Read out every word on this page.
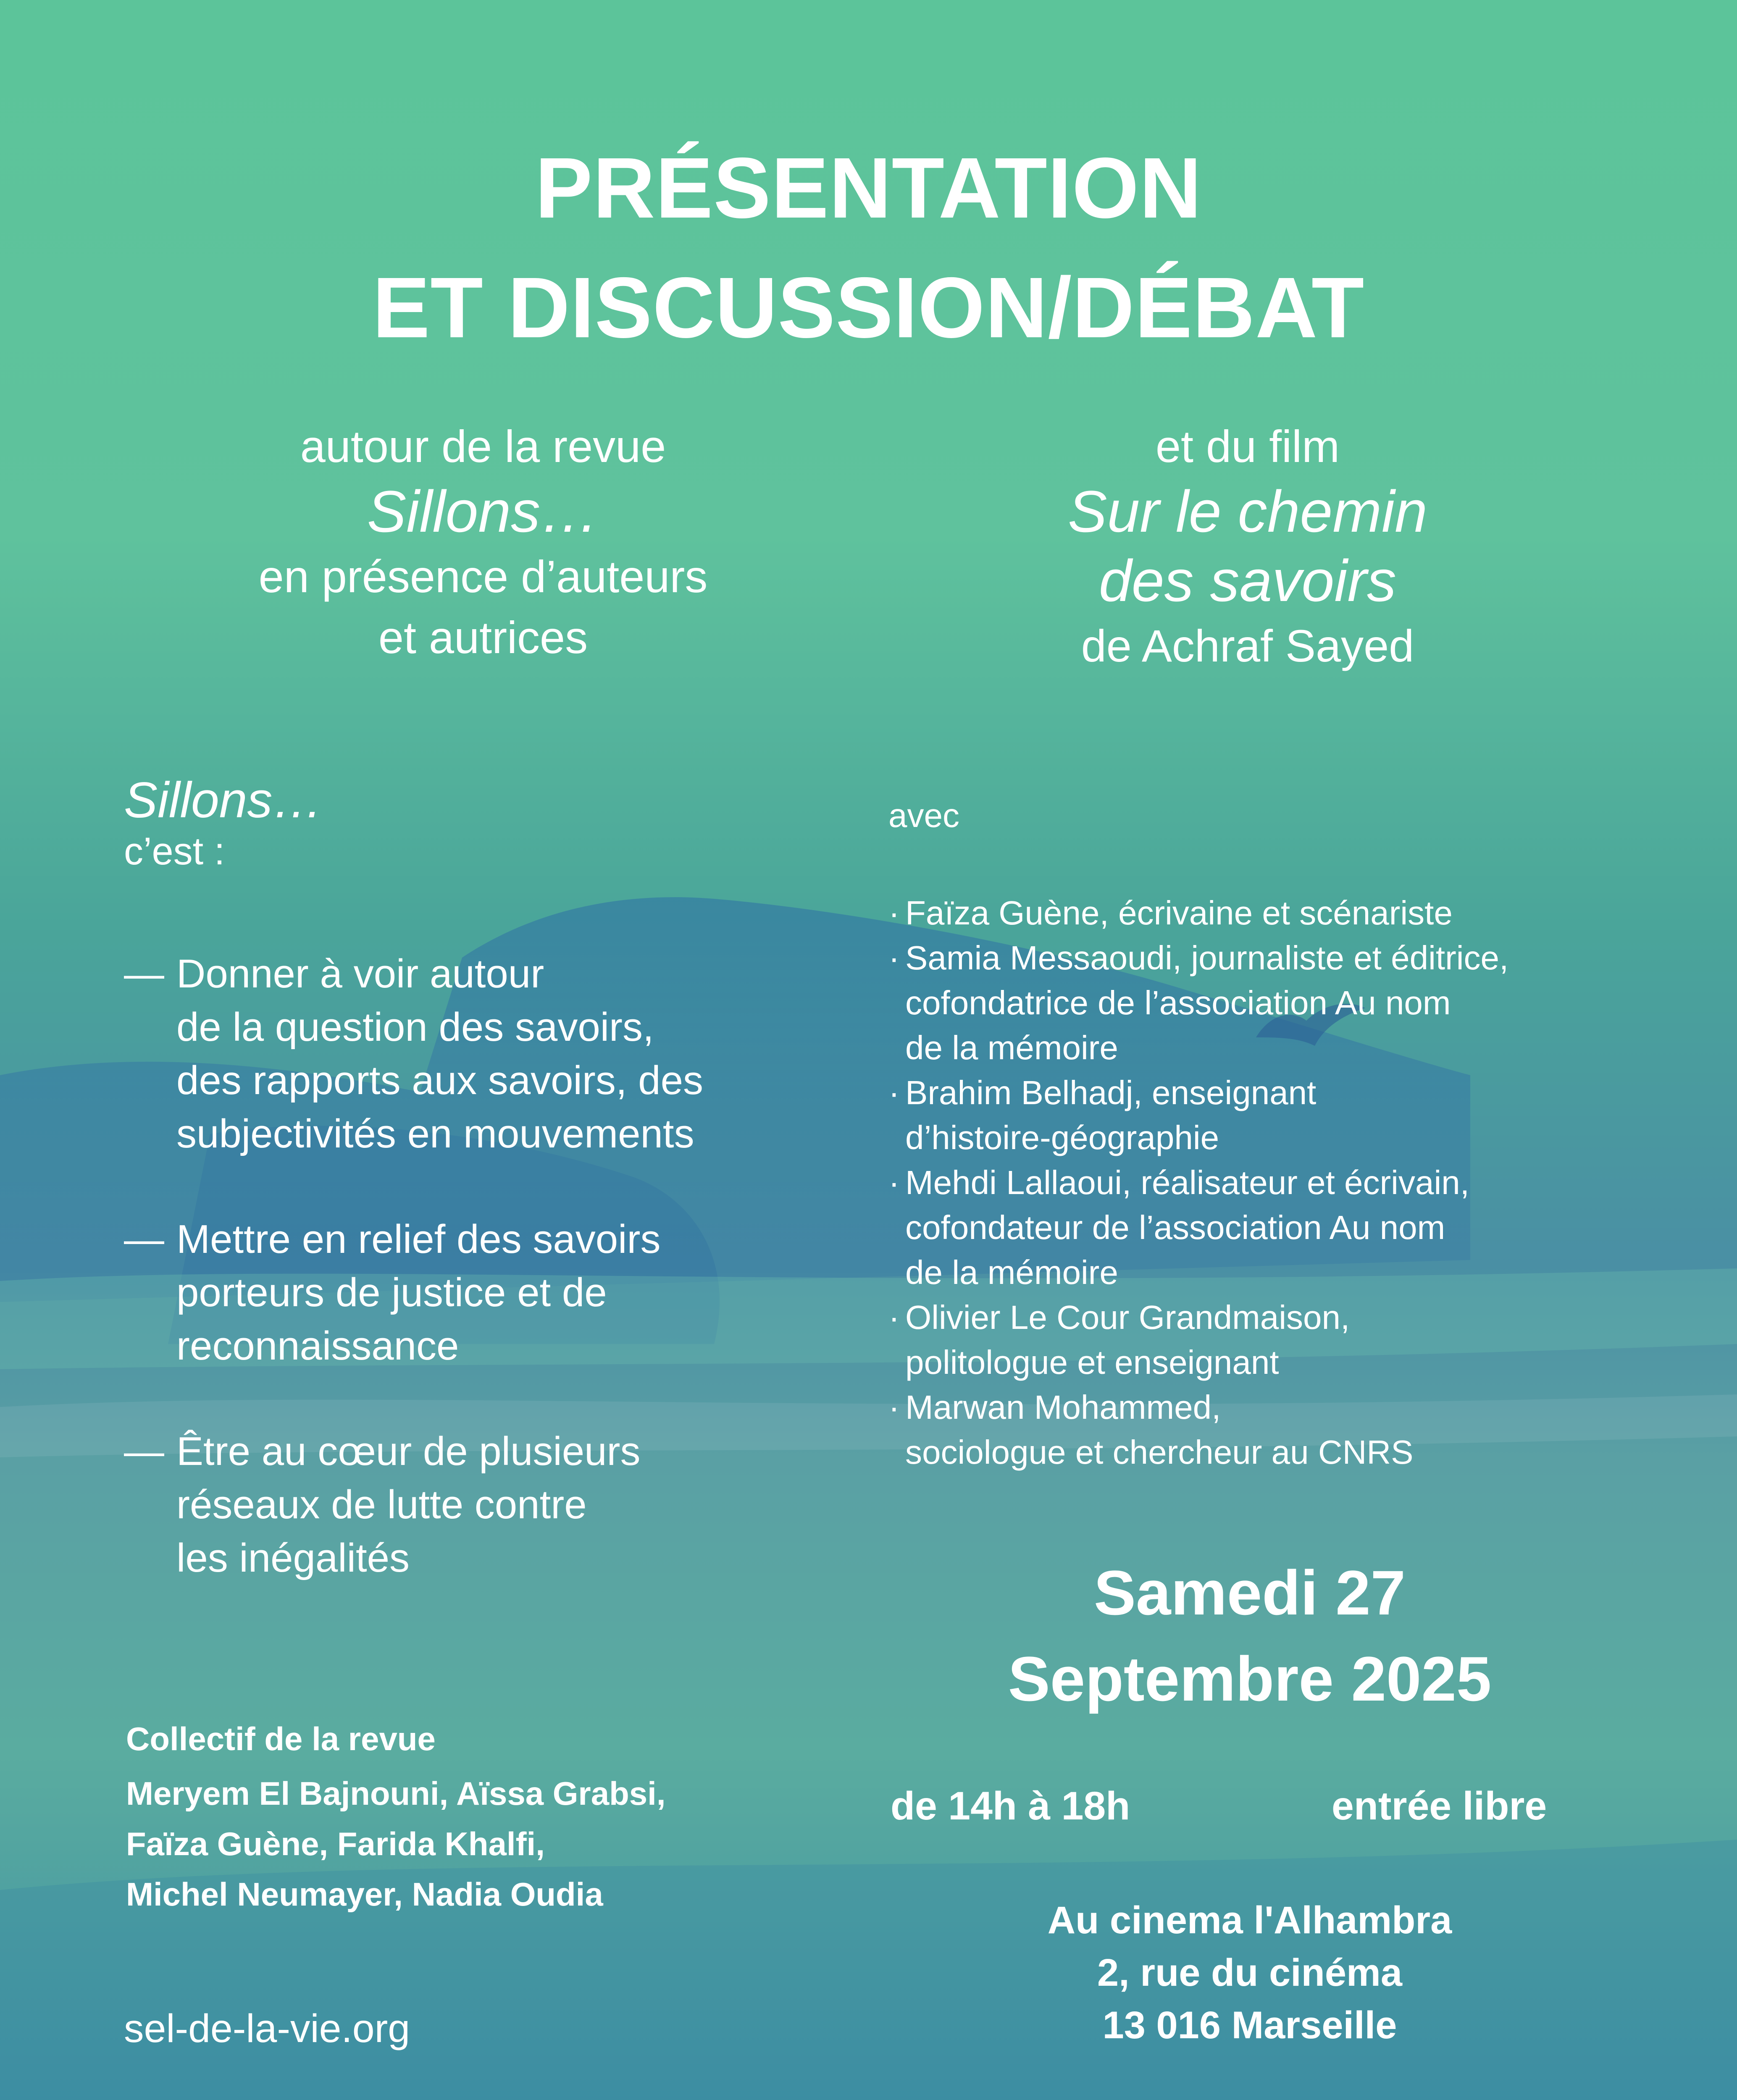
PRÉSENTATION
ET DISCUSSION/DÉBAT
autour de la revue
Sillons…
en présence d’auteurs
et autrices
et du film
Sur le chemin
des savoirs
de Achraf Sayed
Sillons…
c’est :
— Donner à voir autour
de la question des savoirs,
des rapports aux savoirs, des
subjectivités en mouvements
— Mettre en relief des savoirs
porteurs de justice et de
reconnaissance
— Être au cœur de plusieurs
réseaux de lutte contre
les inégalités
avec
· Faïza Guène, écrivaine et scénariste
· Samia Messaoudi, journaliste et éditrice,
cofondatrice de l’association Au nom
de la mémoire
· Brahim Belhadj, enseignant
d’histoire-géographie
· Mehdi Lallaoui, réalisateur et écrivain,
cofondateur de l’association Au nom
de la mémoire
· Olivier Le Cour Grandmaison,
politologue et enseignant
· Marwan Mohammed,
sociologue et chercheur au CNRS
Samedi 27
Septembre 2025
de 14h à 18h	entrée libre
Au cinema l'Alhambra
2, rue du cinéma
13 016 Marseille
Collectif de la revue
Meryem El Bajnouni, Aïssa Grabsi,
Faïza Guène, Farida Khalfi,
Michel Neumayer, Nadia Oudia
sel-de-la-vie.org
